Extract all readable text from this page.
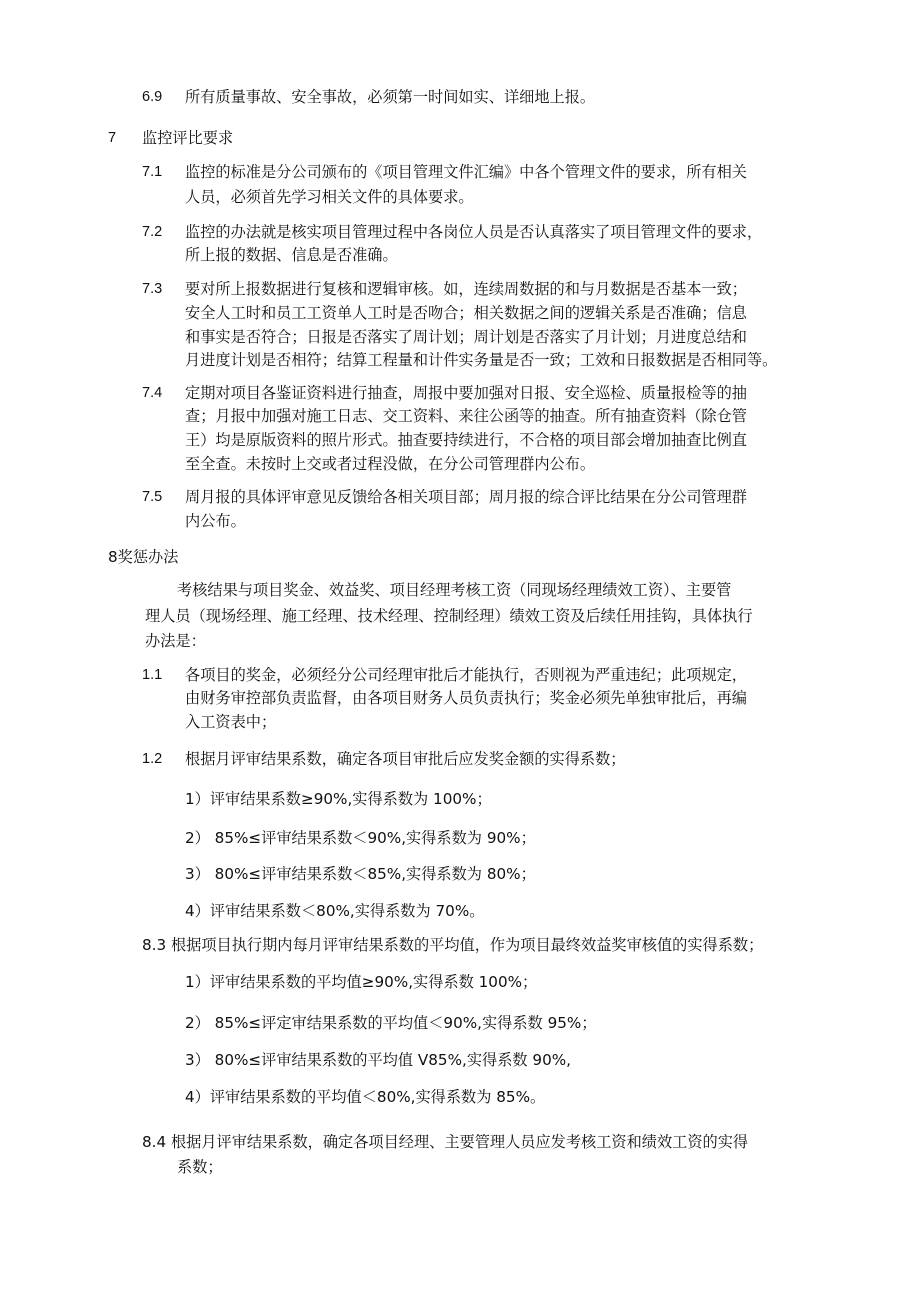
6.9 所有质量事故、安全事故，必须第一时间如实、详细地上报。
7 监控评比要求
7.1 监控的标准是分公司颁布的《项目管理文件汇编》中各个管理文件的要求，所有相关
人员，必须首先学习相关文件的具体要求。
7.2 监控的办法就是核实项目管理过程中各岗位人员是否认真落实了项目管理文件的要求，
所上报的数据、信息是否准确。
7.3 要对所上报数据进行复核和逻辑审核。如，连续周数据的和与月数据是否基本一致；
安全人工时和员工工资单人工时是否吻合；相关数据之间的逻辑关系是否准确；信息
和事实是否符合；日报是否落实了周计划；周计划是否落实了月计划；月进度总结和
月进度计划是否相符；结算工程量和计件实务量是否一致；工效和日报数据是否相同等。
7.4 定期对项目各鉴证资料进行抽查，周报中要加强对日报、安全巡检、质量报检等的抽
查；月报中加强对施工日志、交工资料、来往公函等的抽查。所有抽查资料（除仓管
王）均是原版资料的照片形式。抽查要持续进行，不合格的项目部会增加抽查比例直
至全查。未按时上交或者过程没做，在分公司管理群内公布。
7.5 周月报的具体评审意见反馈给各相关项目部；周月报的综合评比结果在分公司管理群
内公布。
8奖惩办法
考核结果与项目奖金、效益奖、项目经理考核工资（同现场经理绩效工资）、主要管
理人员（现场经理、施工经理、技术经理、控制经理）绩效工资及后续任用挂钩，具体执行
办法是：
1.1 各项目的奖金，必须经分公司经理审批后才能执行，否则视为严重违纪；此项规定，
由财务审控部负责监督，由各项目财务人员负责执行；奖金必须先单独审批后，再编
入工资表中；
1.2 根据月评审结果系数，确定各项目审批后应发奖金额的实得系数；
1）评审结果系数≥90%,实得系数为 100%；
2） 85%≤评审结果系数＜90%,实得系数为 90%；
3） 80%≤评审结果系数＜85%,实得系数为 80%；
4）评审结果系数＜80%,实得系数为 70%。
8.3 根据项目执行期内每月评审结果系数的平均值，作为项目最终效益奖审核值的实得系数；
1）评审结果系数的平均值≥90%,实得系数 100%；
2） 85%≤评定审结果系数的平均值＜90%,实得系数 95%；
3） 80%≤评审结果系数的平均值 V85%,实得系数 90%,
4）评审结果系数的平均值＜80%,实得系数为 85%。
8.4 根据月评审结果系数，确定各项目经理、主要管理人员应发考核工资和绩效工资的实得
系数；
